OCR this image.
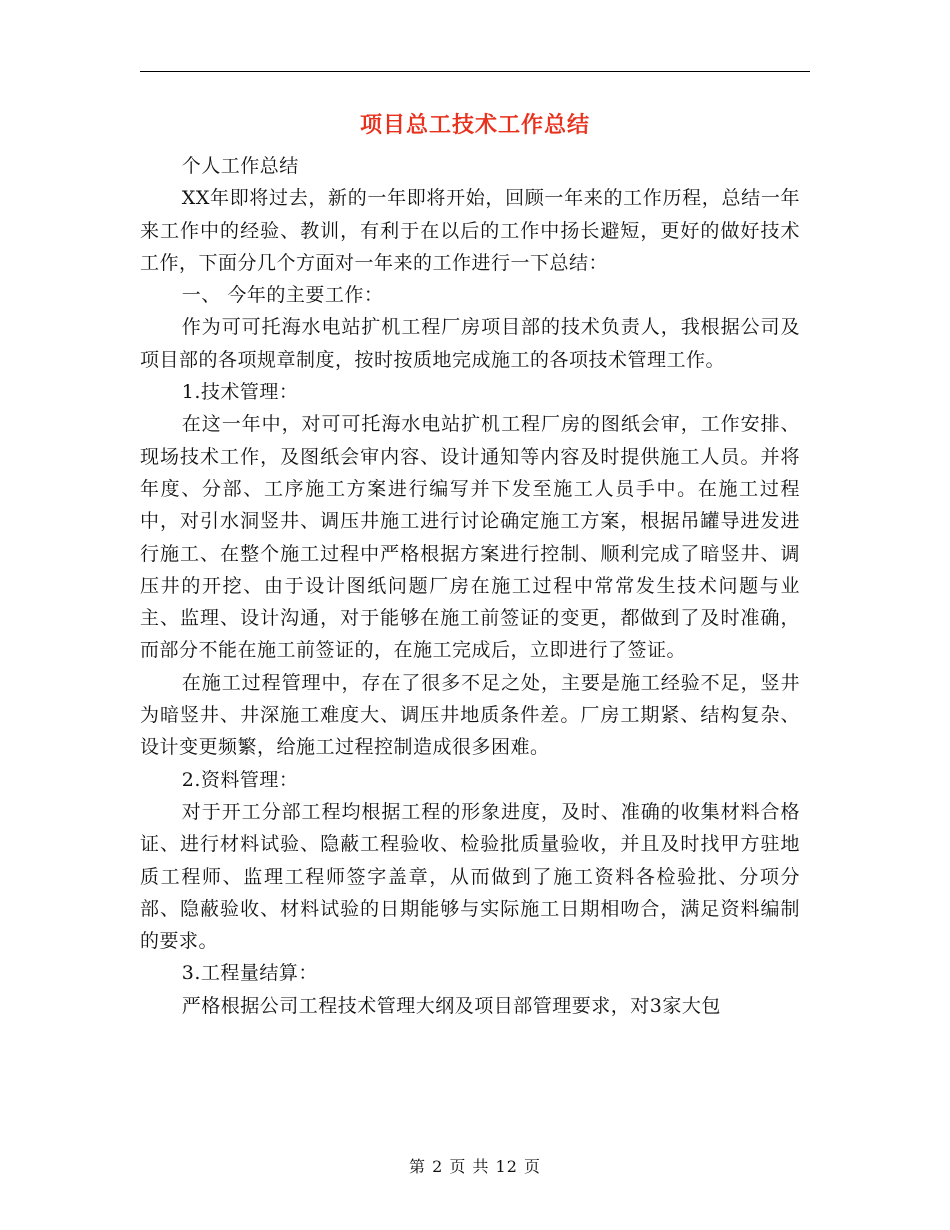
项目总工技术工作总结

个人工作总结

XX年即将过去，新的一年即将开始，回顾一年来的工作历程，总结一年来工作中的经验、教训，有利于在以后的工作中扬长避短，更好的做好技术工作，下面分几个方面对一年来的工作进行一下总结：

一、 今年的主要工作：

作为可可托海水电站扩机工程厂房项目部的技术负责人，我根据公司及项目部的各项规章制度，按时按质地完成施工的各项技术管理工作。

1.技术管理：

在这一年中，对可可托海水电站扩机工程厂房的图纸会审，工作安排、现场技术工作，及图纸会审内容、设计通知等内容及时提供施工人员。并将年度、分部、工序施工方案进行编写并下发至施工人员手中。在施工过程中，对引水洞竖井、调压井施工进行讨论确定施工方案，根据吊罐导进发进行施工、在整个施工过程中严格根据方案进行控制、顺利完成了暗竖井、调压井的开挖、由于设计图纸问题厂房在施工过程中常常发生技术问题与业主、监理、设计沟通，对于能够在施工前签证的变更，都做到了及时准确，而部分不能在施工前签证的，在施工完成后，立即进行了签证。

在施工过程管理中，存在了很多不足之处，主要是施工经验不足，竖井为暗竖井、井深施工难度大、调压井地质条件差。厂房工期紧、结构复杂、设计变更频繁，给施工过程控制造成很多困难。

2.资料管理：

对于开工分部工程均根据工程的形象进度，及时、准确的收集材料合格证、进行材料试验、隐蔽工程验收、检验批质量验收，并且及时找甲方驻地质工程师、监理工程师签字盖章，从而做到了施工资料各检验批、分项分部、隐蔽验收、材料试验的日期能够与实际施工日期相吻合，满足资料编制的要求。

3.工程量结算：

严格根据公司工程技术管理大纲及项目部管理要求，对3家大包

第 2 页 共 12 页
